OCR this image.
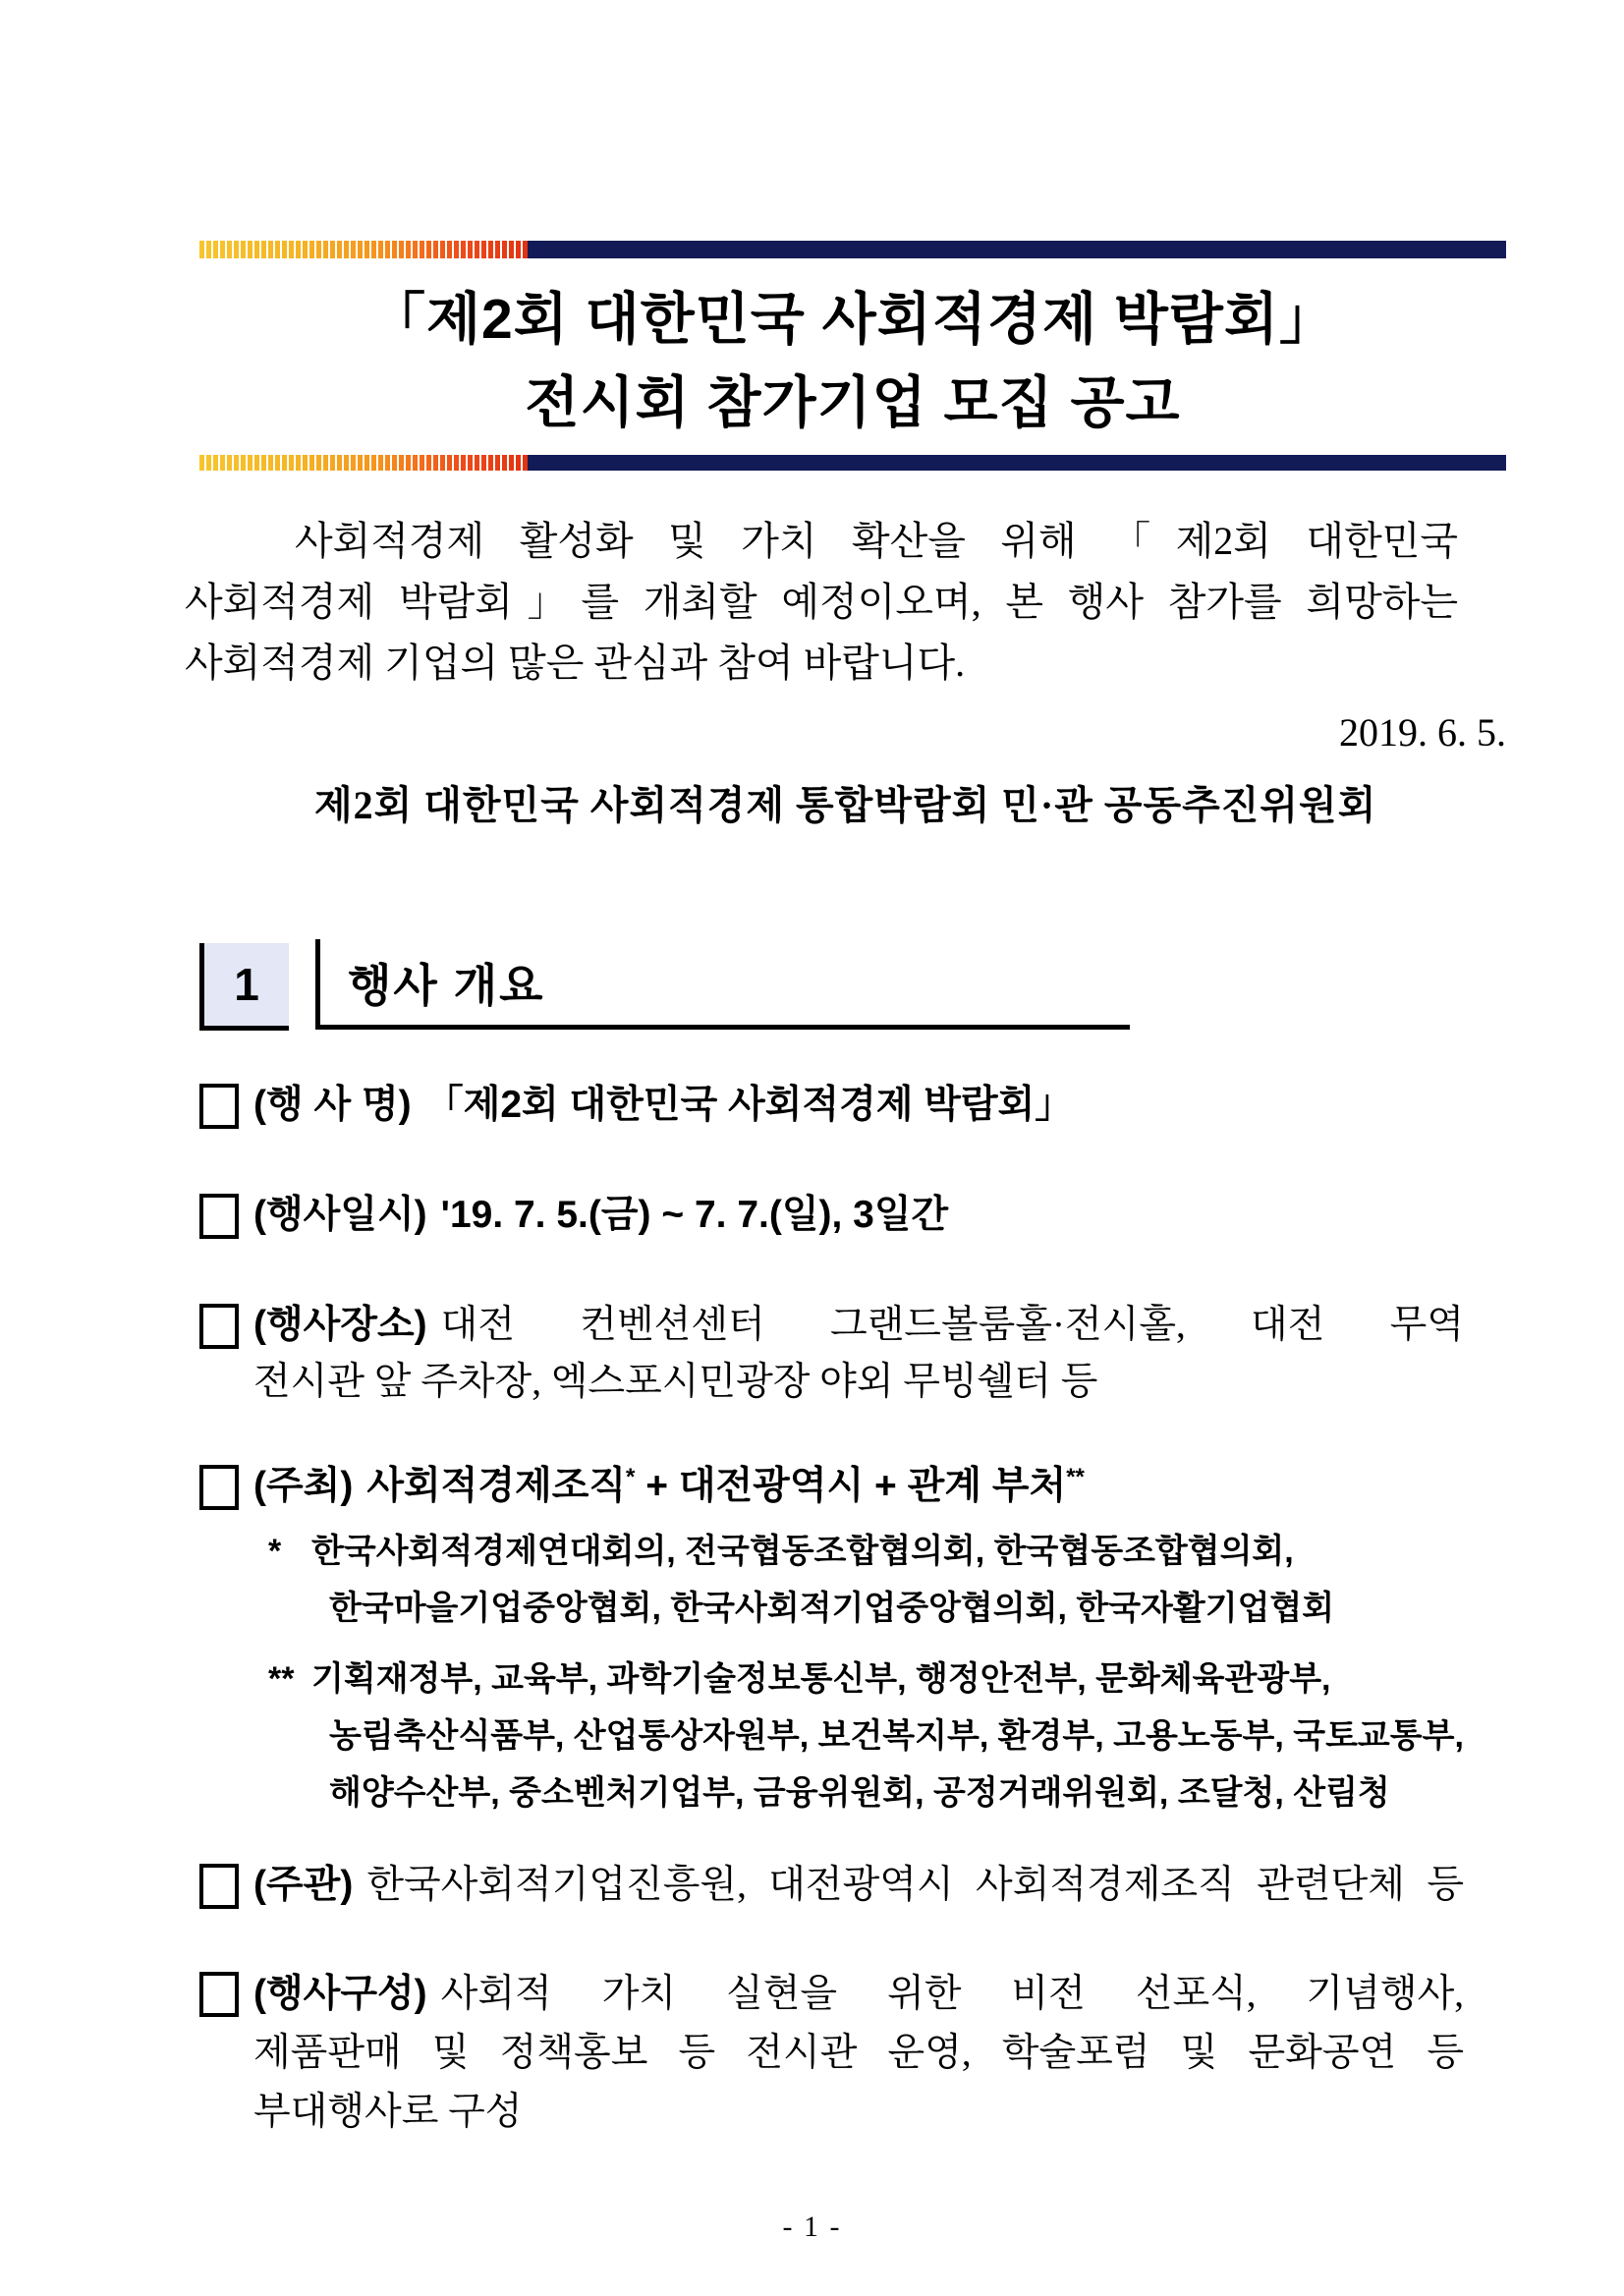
「제2회 대한민국 사회적경제 박람회」
전시회 참가기업 모집 공고
사회적경제 활성화 및 가치 확산을 위해 「제2회 대한민국
사회적경제 박람회」를 개최할 예정이오며, 본 행사 참가를 희망하는
사회적경제 기업의 많은 관심과 참여 바랍니다.
2019. 6. 5.
제2회 대한민국 사회적경제 통합박람회 민·관 공동추진위원회
1	행사 개요
(행 사 명) 「제2회 대한민국 사회적경제 박람회」
(행사일시) '19. 7. 5.(금) ~ 7. 7.(일), 3일간
(행사장소) 대전 컨벤션센터 그랜드볼룸홀·전시홀, 대전 무역
전시관 앞 주차장, 엑스포시민광장 야외 무빙쉘터 등
(주최) 사회적경제조직* + 대전광역시 + 관계 부처**
* 한국사회적경제연대회의, 전국협동조합협의회, 한국협동조합협의회,
한국마을기업중앙협회, 한국사회적기업중앙협의회, 한국자활기업협회
** 기획재정부, 교육부, 과학기술정보통신부, 행정안전부, 문화체육관광부,
농림축산식품부, 산업통상자원부, 보건복지부, 환경부, 고용노동부, 국토교통부,
해양수산부, 중소벤처기업부, 금융위원회, 공정거래위원회, 조달청, 산림청
(주관) 한국사회적기업진흥원, 대전광역시 사회적경제조직 관련단체 등
(행사구성) 사회적 가치 실현을 위한 비전 선포식, 기념행사,
제품판매 및 정책홍보 등 전시관 운영, 학술포럼 및 문화공연 등
부대행사로 구성
- 1 -
